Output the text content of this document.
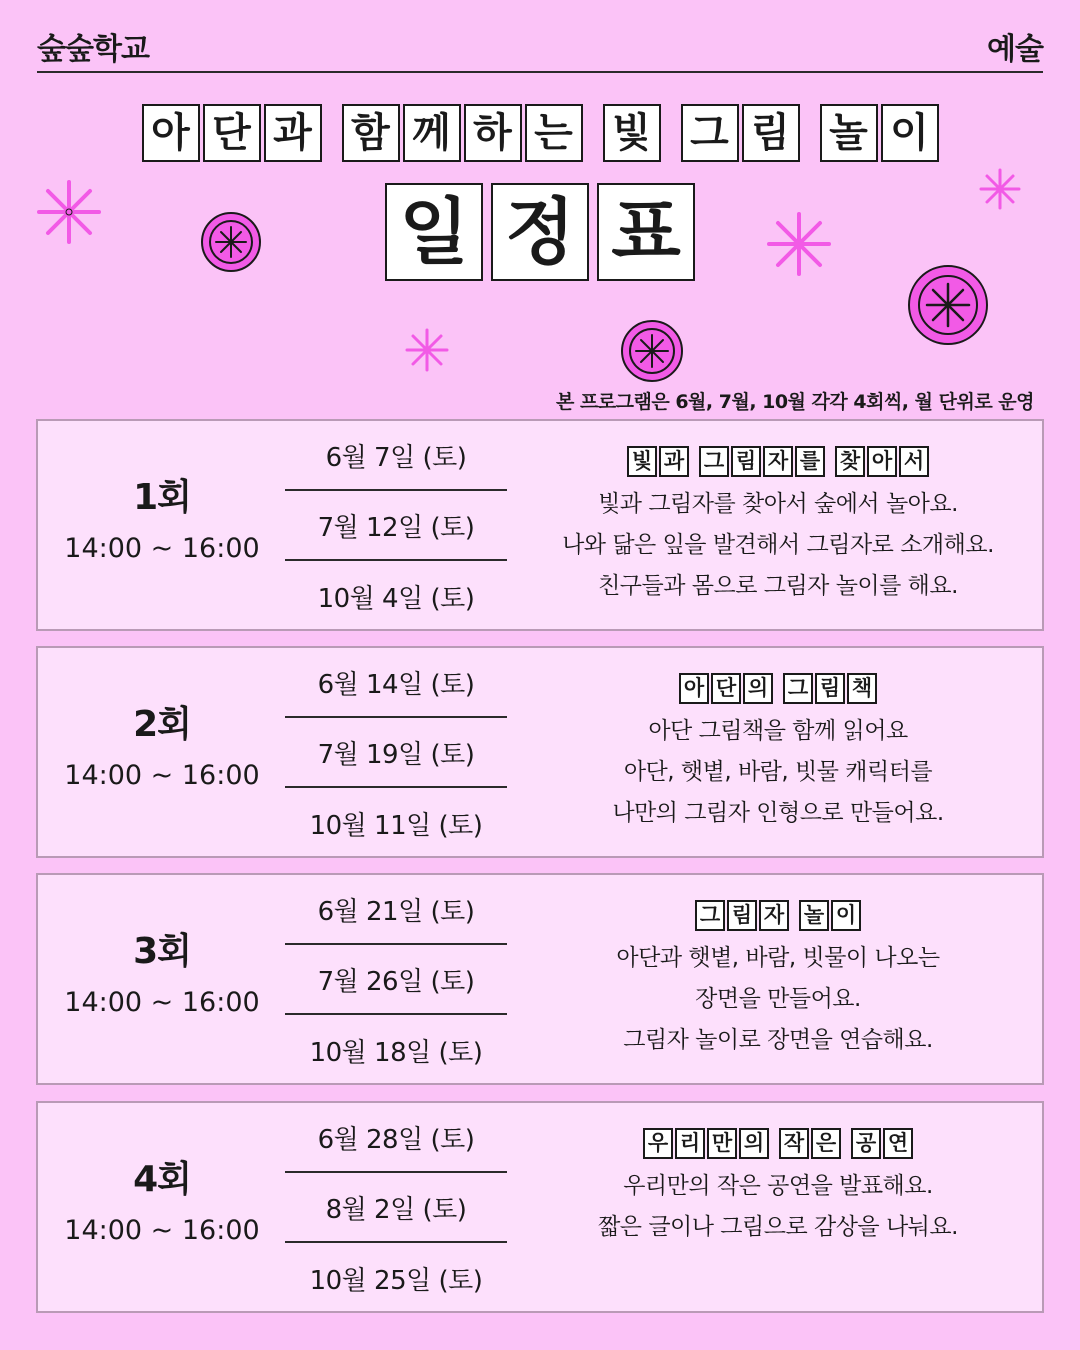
숲숲학교	예술
아 단 과 함 께 하 는 빛 그 림 놀 이
일 정 표
본 프로그램은 6월, 7월, 10월 각각 4회씩, 월 단위로 운영
1회
14:00 ~ 16:00
6월 7일 (토)
7월 12일 (토)
10월 4일 (토)
빛 과 그 림 자 를 찾 아 서
빛과 그림자를 찾아서 숲에서 놀아요.
나와 닮은 잎을 발견해서 그림자로 소개해요.
친구들과 몸으로 그림자 놀이를 해요.
2회
14:00 ~ 16:00
6월 14일 (토)
7월 19일 (토)
10월 11일 (토)
아 단 의 그 림 책
아단 그림책을 함께 읽어요
아단, 햇볕, 바람, 빗물 캐릭터를
나만의 그림자 인형으로 만들어요.
3회
14:00 ~ 16:00
6월 21일 (토)
7월 26일 (토)
10월 18일 (토)
그 림 자 놀 이
아단과 햇볕, 바람, 빗물이 나오는
장면을 만들어요.
그림자 놀이로 장면을 연습해요.
4회
14:00 ~ 16:00
6월 28일 (토)
8월 2일 (토)
10월 25일 (토)
우 리 만 의 작 은 공 연
우리만의 작은 공연을 발표해요.
짧은 글이나 그림으로 감상을 나눠요.
